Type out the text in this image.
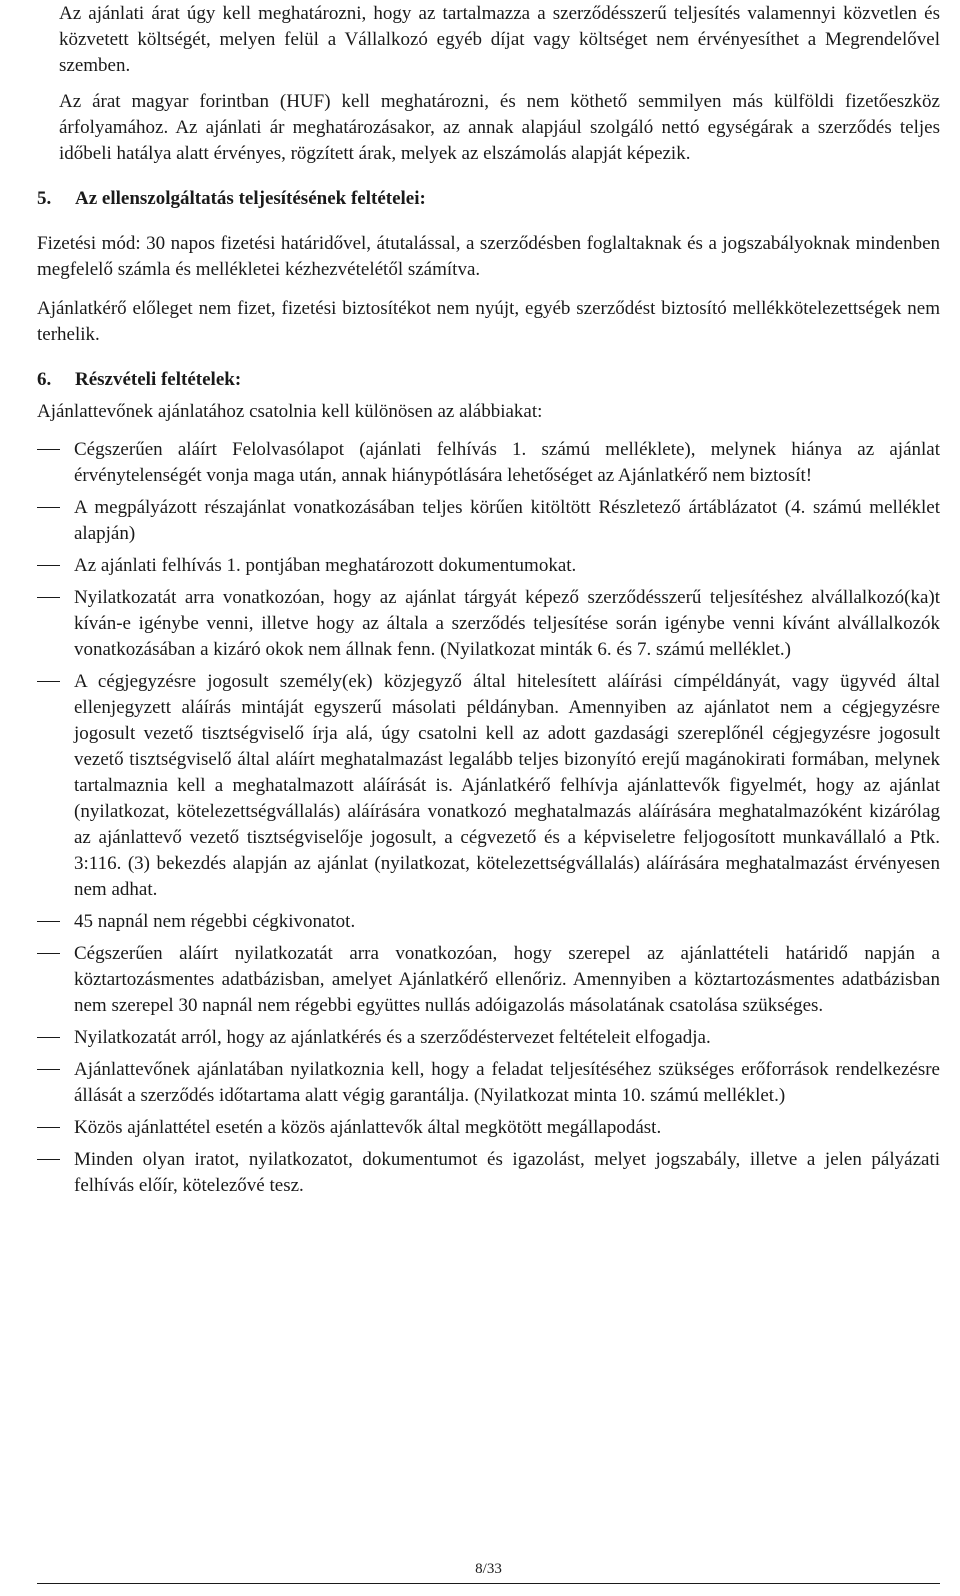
Az ajánlati árat úgy kell meghatározni, hogy az tartalmazza a szerződésszerű teljesítés valamennyi közvetlen és közvetett költségét, melyen felül a Vállalkozó egyéb díjat vagy költséget nem érvényesíthet a Megrendelővel szemben.

Az árat magyar forintban (HUF) kell meghatározni, és nem köthető semmilyen más külföldi fizetőeszköz árfolyamához. Az ajánlati ár meghatározásakor, az annak alapjául szolgáló nettó egységárak a szerződés teljes időbeli hatálya alatt érvényes, rögzített árak, melyek az elszámolás alapját képezik.

5. Az ellenszolgáltatás teljesítésének feltételei:

Fizetési mód: 30 napos fizetési határidővel, átutalással, a szerződésben foglaltaknak és a jogszabályoknak mindenben megfelelő számla és mellékletei kézhezvételétől számítva.

Ajánlatkérő előleget nem fizet, fizetési biztosítékot nem nyújt, egyéb szerződést biztosító mellékkötelezettségek nem terhelik.

6. Részvételi feltételek:

Ajánlattevőnek ajánlatához csatolnia kell különösen az alábbiakat:

Cégszerűen aláírt Felolvasólapot (ajánlati felhívás 1. számú melléklete), melynek hiánya az ajánlat érvénytelenségét vonja maga után, annak hiánypótlására lehetőséget az Ajánlatkérő nem biztosít!
A megpályázott részajánlat vonatkozásában teljes körűen kitöltött Részletező ártáblázatot (4. számú melléklet alapján)
Az ajánlati felhívás 1. pontjában meghatározott dokumentumokat.
Nyilatkozatát arra vonatkozóan, hogy az ajánlat tárgyát képező szerződésszerű teljesítéshez alvállalkozó(ka)t kíván-e igénybe venni, illetve hogy az általa a szerződés teljesítése során igénybe venni kívánt alvállalkozók vonatkozásában a kizáró okok nem állnak fenn. (Nyilatkozat minták 6. és 7. számú melléklet.)
A cégjegyzésre jogosult személy(ek) közjegyző által hitelesített aláírási címpéldányát, vagy ügyvéd által ellenjegyzett aláírás mintáját egyszerű másolati példányban. Amennyiben az ajánlatot nem a cégjegyzésre jogosult vezető tisztségviselő írja alá, úgy csatolni kell az adott gazdasági szereplőnél cégjegyzésre jogosult vezető tisztségviselő által aláírt meghatalmazást legalább teljes bizonyító erejű magánokirati formában, melynek tartalmaznia kell a meghatalmazott aláírását is. Ajánlatkérő felhívja ajánlattevők figyelmét, hogy az ajánlat (nyilatkozat, kötelezettségvállalás) aláírására vonatkozó meghatalmazás aláírására meghatalmazóként kizárólag az ajánlattevő vezető tisztségviselője jogosult, a cégvezető és a képviseletre feljogosított munkavállaló a Ptk. 3:116. (3) bekezdés alapján az ajánlat (nyilatkozat, kötelezettségvállalás) aláírására meghatalmazást érvényesen nem adhat.
45 napnál nem régebbi cégkivonatot.
Cégszerűen aláírt nyilatkozatát arra vonatkozóan, hogy szerepel az ajánlattételi határidő napján a köztartozásmentes adatbázisban, amelyet Ajánlatkérő ellenőriz. Amennyiben a köztartozásmentes adatbázisban nem szerepel 30 napnál nem régebbi együttes nullás adóigazolás másolatának csatolása szükséges.
Nyilatkozatát arról, hogy az ajánlatkérés és a szerződéstervezet feltételeit elfogadja.
Ajánlattevőnek ajánlatában nyilatkoznia kell, hogy a feladat teljesítéséhez szükséges erőforrások rendelkezésre állását a szerződés időtartama alatt végig garantálja. (Nyilatkozat minta 10. számú melléklet.)
Közös ajánlattétel esetén a közös ajánlattevők által megkötött megállapodást.
Minden olyan iratot, nyilatkozatot, dokumentumot és igazolást, melyet jogszabály, illetve a jelen pályázati felhívás előír, kötelezővé tesz.
8/33
